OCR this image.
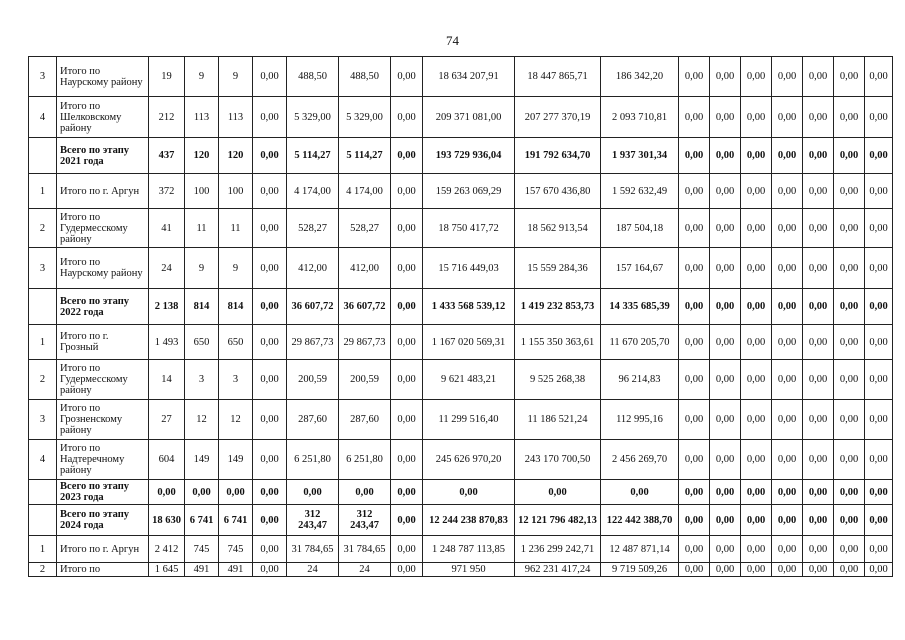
74
3	Итого по Наурскому району	19	9	9	0,00	488,50	488,50	0,00	18 634 207,91	18 447 865,71	186 342,20	0,00	0,00	0,00	0,00	0,00	0,00	0,00
4	Итого по Шелковскому району	212	113	113	0,00	5 329,00	5 329,00	0,00	209 371 081,00	207 277 370,19	2 093 710,81	0,00	0,00	0,00	0,00	0,00	0,00	0,00
	Всего по этапу 2021 года	437	120	120	0,00	5 114,27	5 114,27	0,00	193 729 936,04	191 792 634,70	1 937 301,34	0,00	0,00	0,00	0,00	0,00	0,00	0,00
1	Итого по г. Аргун	372	100	100	0,00	4 174,00	4 174,00	0,00	159 263 069,29	157 670 436,80	1 592 632,49	0,00	0,00	0,00	0,00	0,00	0,00	0,00
2	Итого по Гудермесскому району	41	11	11	0,00	528,27	528,27	0,00	18 750 417,72	18 562 913,54	187 504,18	0,00	0,00	0,00	0,00	0,00	0,00	0,00
3	Итого по Наурскому району	24	9	9	0,00	412,00	412,00	0,00	15 716 449,03	15 559 284,36	157 164,67	0,00	0,00	0,00	0,00	0,00	0,00	0,00
	Всего по этапу 2022 года	2 138	814	814	0,00	36 607,72	36 607,72	0,00	1 433 568 539,12	1 419 232 853,73	14 335 685,39	0,00	0,00	0,00	0,00	0,00	0,00	0,00
1	Итого по г. Грозный	1 493	650	650	0,00	29 867,73	29 867,73	0,00	1 167 020 569,31	1 155 350 363,61	11 670 205,70	0,00	0,00	0,00	0,00	0,00	0,00	0,00
2	Итого по Гудермесскому району	14	3	3	0,00	200,59	200,59	0,00	9 621 483,21	9 525 268,38	96 214,83	0,00	0,00	0,00	0,00	0,00	0,00	0,00
3	Итого по Грозненскому району	27	12	12	0,00	287,60	287,60	0,00	11 299 516,40	11 186 521,24	112 995,16	0,00	0,00	0,00	0,00	0,00	0,00	0,00
4	Итого по Надтеречному району	604	149	149	0,00	6 251,80	6 251,80	0,00	245 626 970,20	243 170 700,50	2 456 269,70	0,00	0,00	0,00	0,00	0,00	0,00	0,00
	Всего по этапу 2023 года	0,00	0,00	0,00	0,00	0,00	0,00	0,00	0,00	0,00	0,00	0,00	0,00	0,00	0,00	0,00	0,00	0,00
	Всего по этапу 2024 года	18 630	6 741	6 741	0,00	312 243,47	312 243,47	0,00	12 244 238 870,83	12 121 796 482,13	122 442 388,70	0,00	0,00	0,00	0,00	0,00	0,00	0,00
1	Итого по г. Аргун	2 412	745	745	0,00	31 784,65	31 784,65	0,00	1 248 787 113,85	1 236 299 242,71	12 487 871,14	0,00	0,00	0,00	0,00	0,00	0,00	0,00
2	Итого по	1 645	491	491	0,00	24	24	0,00	971 950	962 231 417,24	9 719 509,26	0,00	0,00	0,00	0,00	0,00	0,00	0,00
